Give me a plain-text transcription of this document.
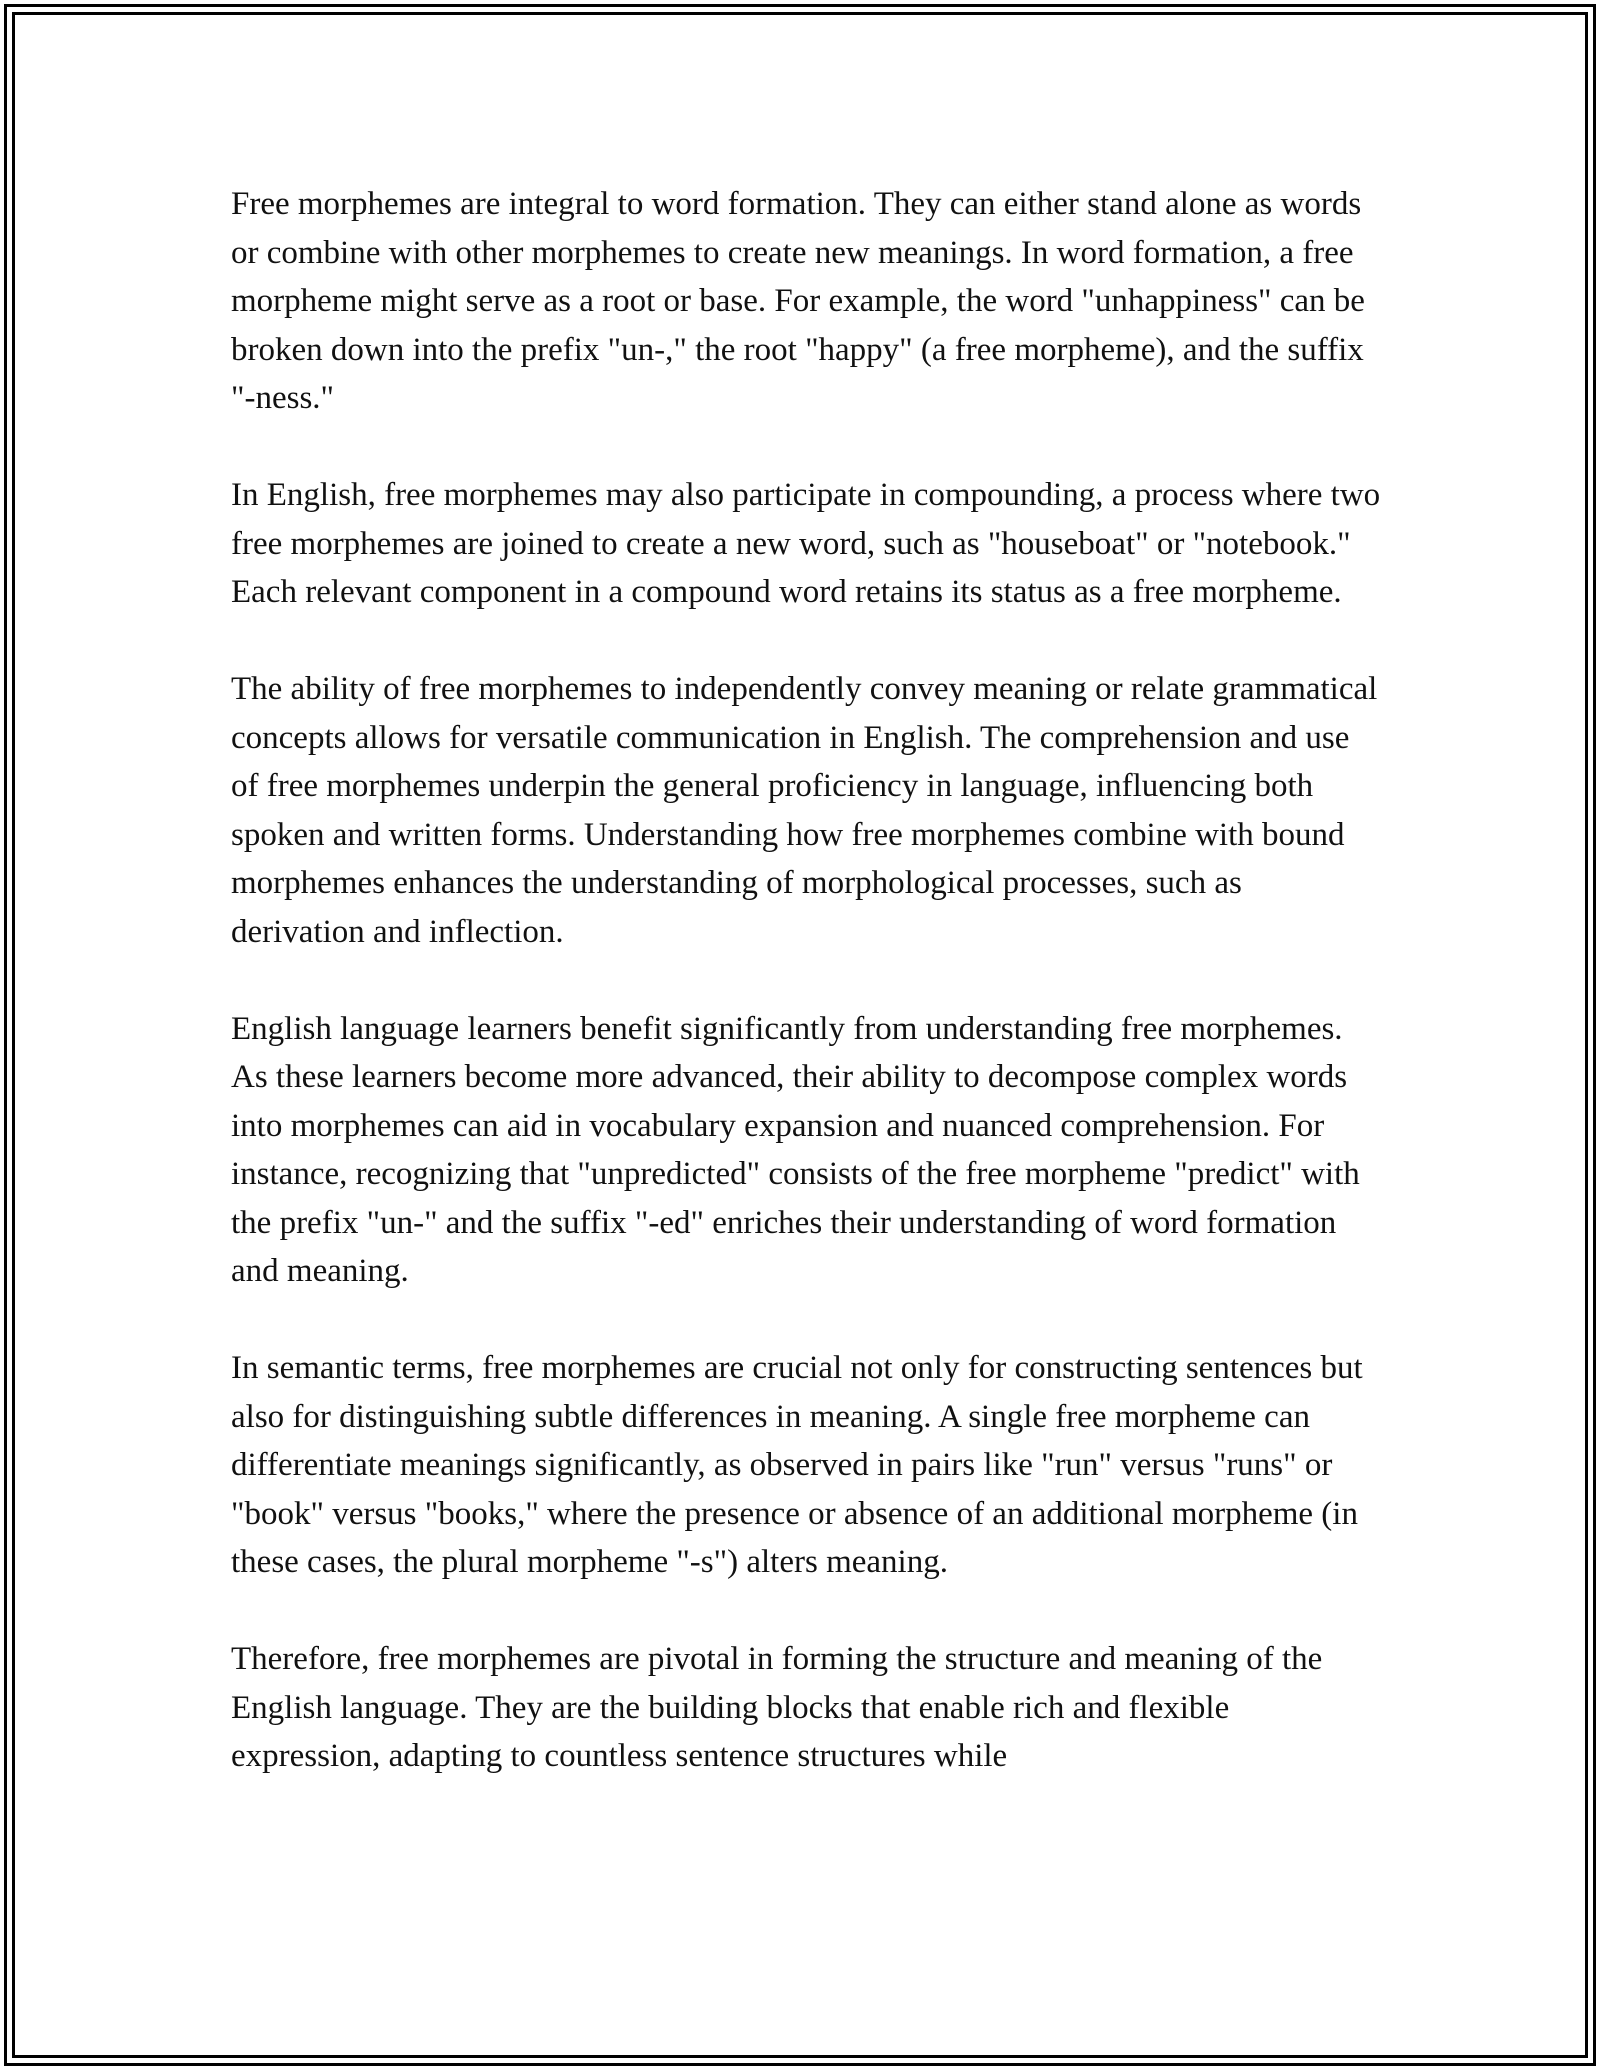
Free morphemes are integral to word formation. They can either stand alone as words or combine with other morphemes to create new meanings. In word formation, a free morpheme might serve as a root or base. For example, the word "unhappiness" can be broken down into the prefix "un-," the root "happy" (a free morpheme), and the suffix "-ness."

In English, free morphemes may also participate in compounding, a process where two free morphemes are joined to create a new word, such as "houseboat" or "notebook." Each relevant component in a compound word retains its status as a free morpheme.

The ability of free morphemes to independently convey meaning or relate grammatical concepts allows for versatile communication in English. The comprehension and use of free morphemes underpin the general proficiency in language, influencing both spoken and written forms. Understanding how free morphemes combine with bound morphemes enhances the understanding of morphological processes, such as derivation and inflection.

English language learners benefit significantly from understanding free morphemes. As these learners become more advanced, their ability to decompose complex words into morphemes can aid in vocabulary expansion and nuanced comprehension. For instance, recognizing that "unpredicted" consists of the free morpheme "predict" with the prefix "un-" and the suffix "-ed" enriches their understanding of word formation and meaning.

In semantic terms, free morphemes are crucial not only for constructing sentences but also for distinguishing subtle differences in meaning. A single free morpheme can differentiate meanings significantly, as observed in pairs like "run" versus "runs" or "book" versus "books," where the presence or absence of an additional morpheme (in these cases, the plural morpheme "-s") alters meaning.

Therefore, free morphemes are pivotal in forming the structure and meaning of the English language. They are the building blocks that enable rich and flexible expression, adapting to countless sentence structures while
